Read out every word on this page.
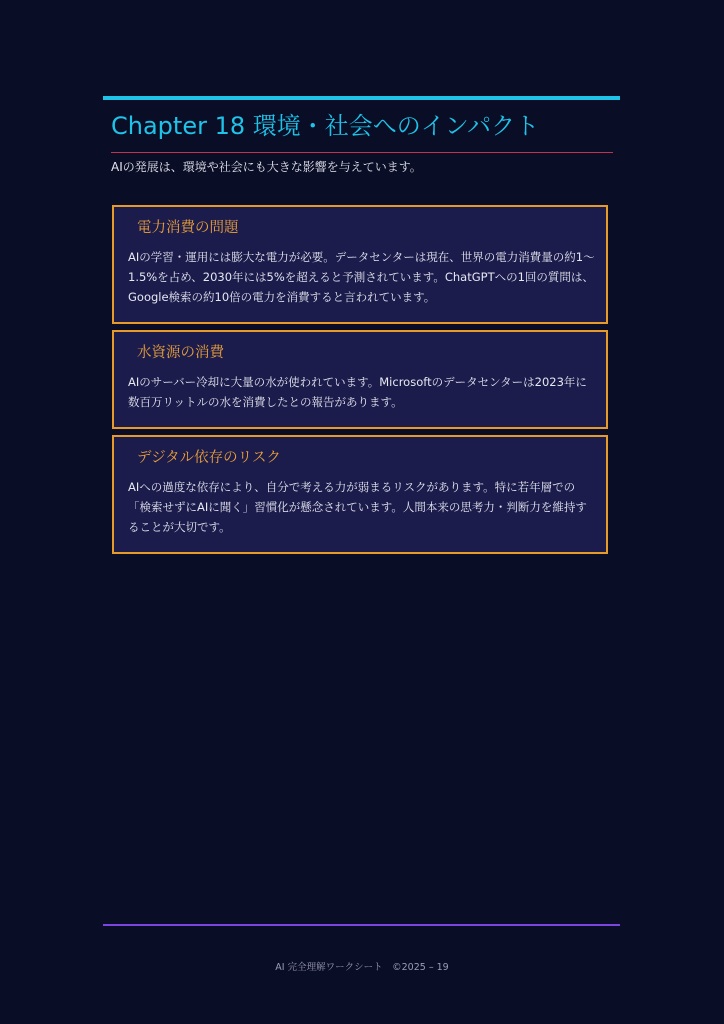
Chapter 18 環境・社会へのインパクト

AIの発展は、環境や社会にも大きな影響を与えています。

電力消費の問題

AIの学習・運用には膨大な電力が必要。データセンターは現在、世界の電力消費量の約1〜1.5%を占め、2030年には5%を超えると予測されています。ChatGPTへの1回の質問は、Google検索の約10倍の電力を消費すると言われています。

水資源の消費

AIのサーバー冷却に大量の水が使われています。Microsoftのデータセンターは2023年に数百万リットルの水を消費したとの報告があります。

デジタル依存のリスク

AIへの過度な依存により、自分で考える力が弱まるリスクがあります。特に若年層での「検索せずにAIに聞く」習慣化が懸念されています。人間本来の思考力・判断力を維持することが大切です。

AI 完全理解ワークシート　©2025 – 19
